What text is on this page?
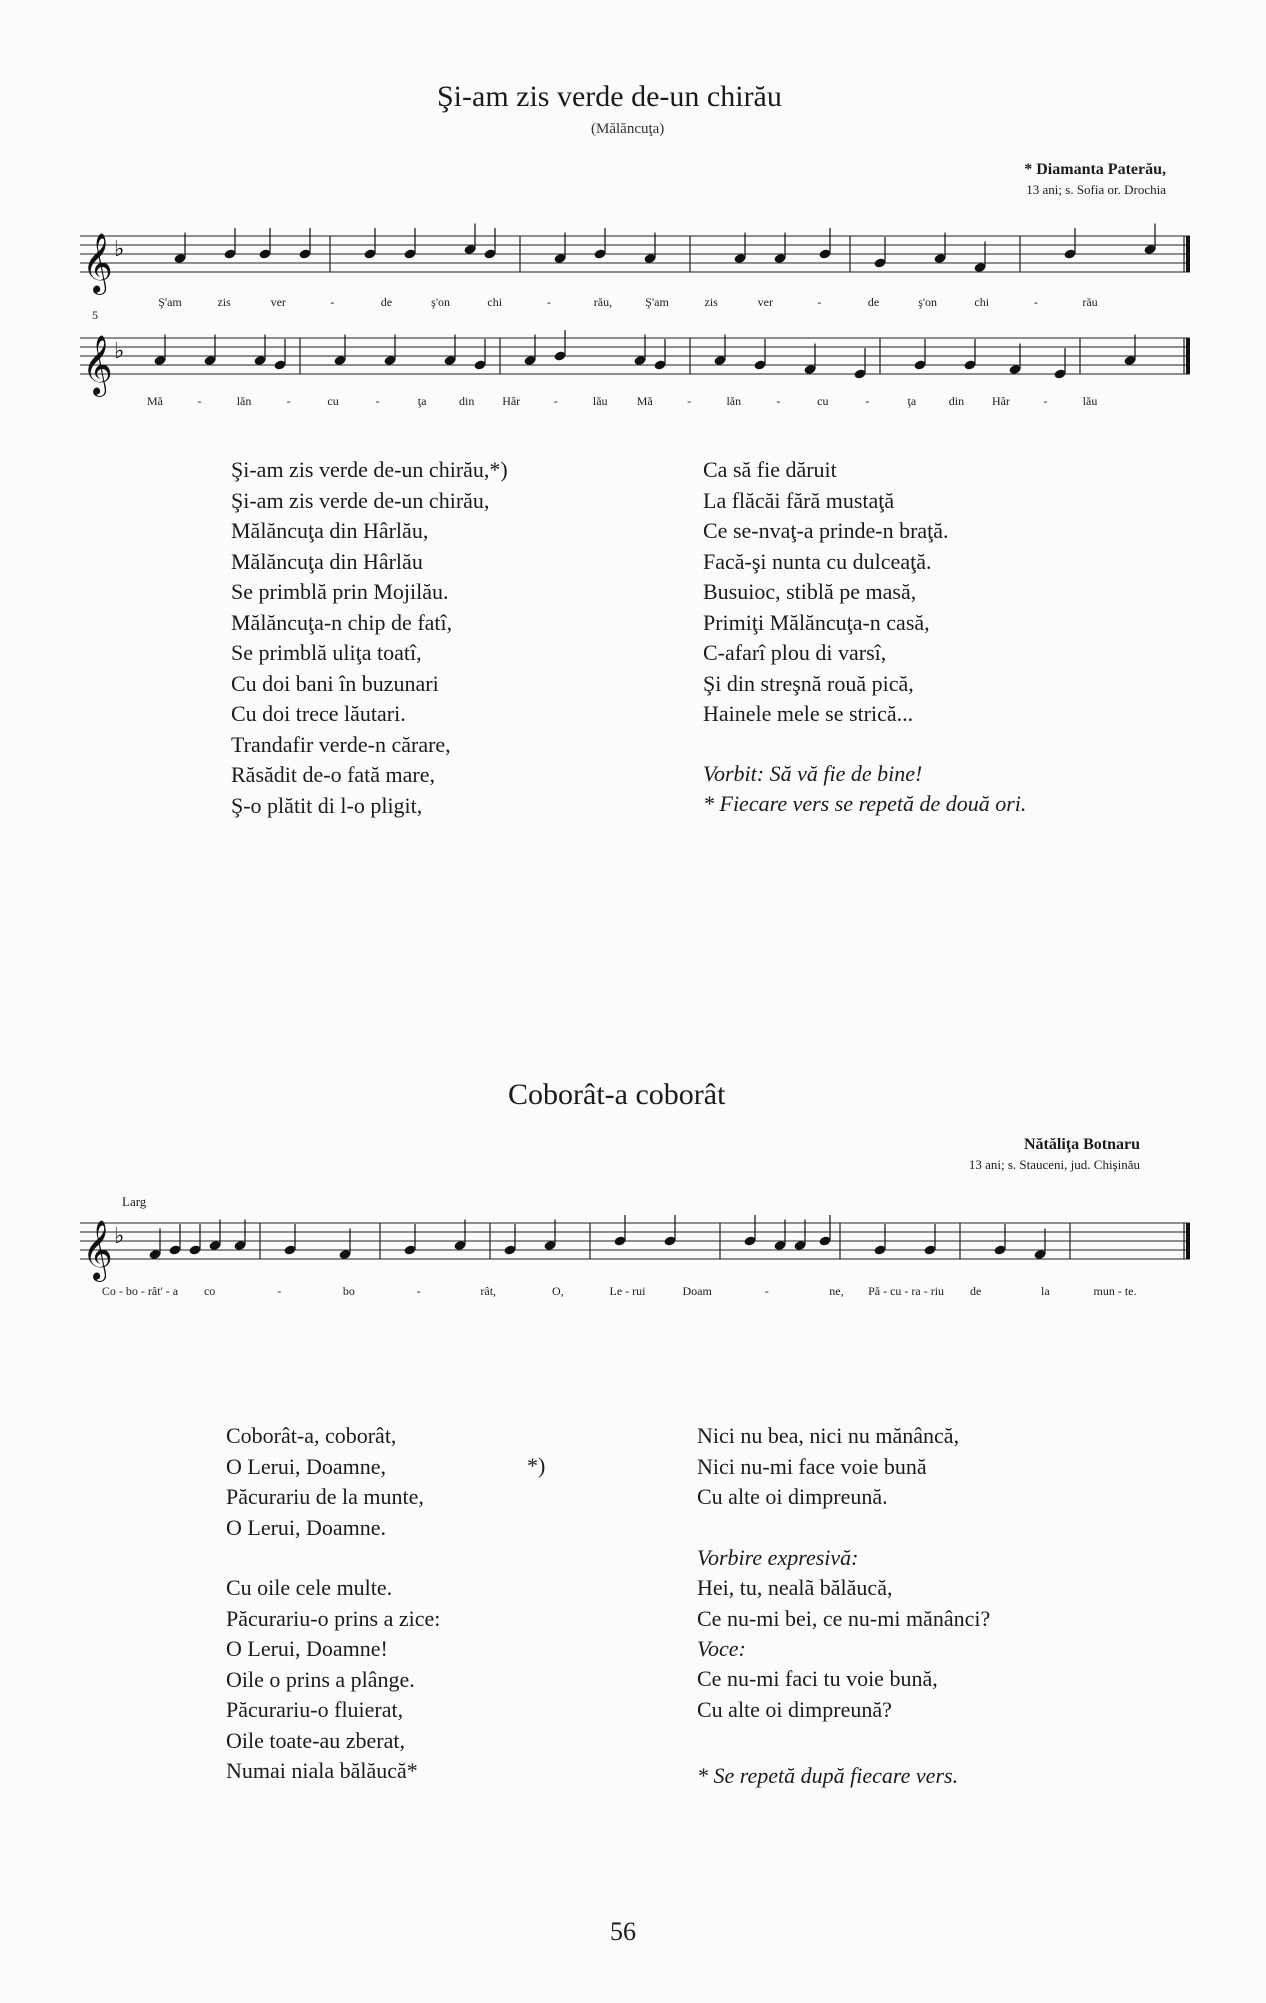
Şi-am zis verde de-un chirău
(Mălăncuţa)
* Diamanta Paterău,
13 ani; s. Sofia or. Drochia
𝄞 ♭
Ş'am	zis	ver	-	de	ş'on	chi	-	rău,	Ş'am	zis	ver	-	de	ş'on	chi	-	rău
5
𝄞 ♭
Mă	-	lăn	-	cu	-	ţa	din Hâr	-	lău Mă	-	lăn	-	cu	-	ţa	din Hâr	-	lău
Şi-am zis verde de-un chirău,*)
Şi-am zis verde de-un chirău,
Mălăncuţa din Hârlău,
Mălăncuţa din Hârlău
Se primblă prin Mojilău.
Mălăncuţa-n chip de fatî,
Se primblă uliţa toatî,
Cu doi bani în buzunari
Cu doi trece lăutari.
Trandafir verde-n cărare,
Răsădit de-o fată mare,
Ş-o plătit di l-o pligit,
Ca să fie dăruit
La flăcăi fără mustaţă
Ce se-nvaţ-a prinde-n braţă.
Facă-şi nunta cu dulceaţă.
Busuioc, stiblă pe masă,
Primiţi Mălăncuţa-n casă,
C-afarî plou di varsî,
Şi din streşnă rouă pică,
Hainele mele se strică...
Vorbit: Să vă fie de bine!
* Fiecare vers se repetă de două ori.
Coborât-a coborât
Nătăliţa Botnaru
13 ani; s. Stauceni, jud. Chişinău
Larg
𝄞 ♭
Co - bo - rât' - a co	-	bo	-	rât,	O,	Le - rui	Doam	-	ne, Pă - cu - ra - riu de	la	mun - te.
Coborât-a, coborât,
O Lerui, Doamne,
Păcurariu de la munte,
O Lerui, Doamne.
*)
Cu oile cele multe.
Păcurariu-o prins a zice:
O Lerui, Doamne!
Oile o prins a plânge.
Păcurariu-o fluierat,
Oile toate-au zberat,
Numai niala bălăucă*
Nici nu bea, nici nu mănâncă,
Nici nu-mi face voie bună
Cu alte oi dimpreună.
Vorbire expresivă:
Hei, tu, nealã bălăucă,
Ce nu-mi bei, ce nu-mi mănânci?
Voce:
Ce nu-mi faci tu voie bună,
Cu alte oi dimpreună?
* Se repetă după fiecare vers.
56
